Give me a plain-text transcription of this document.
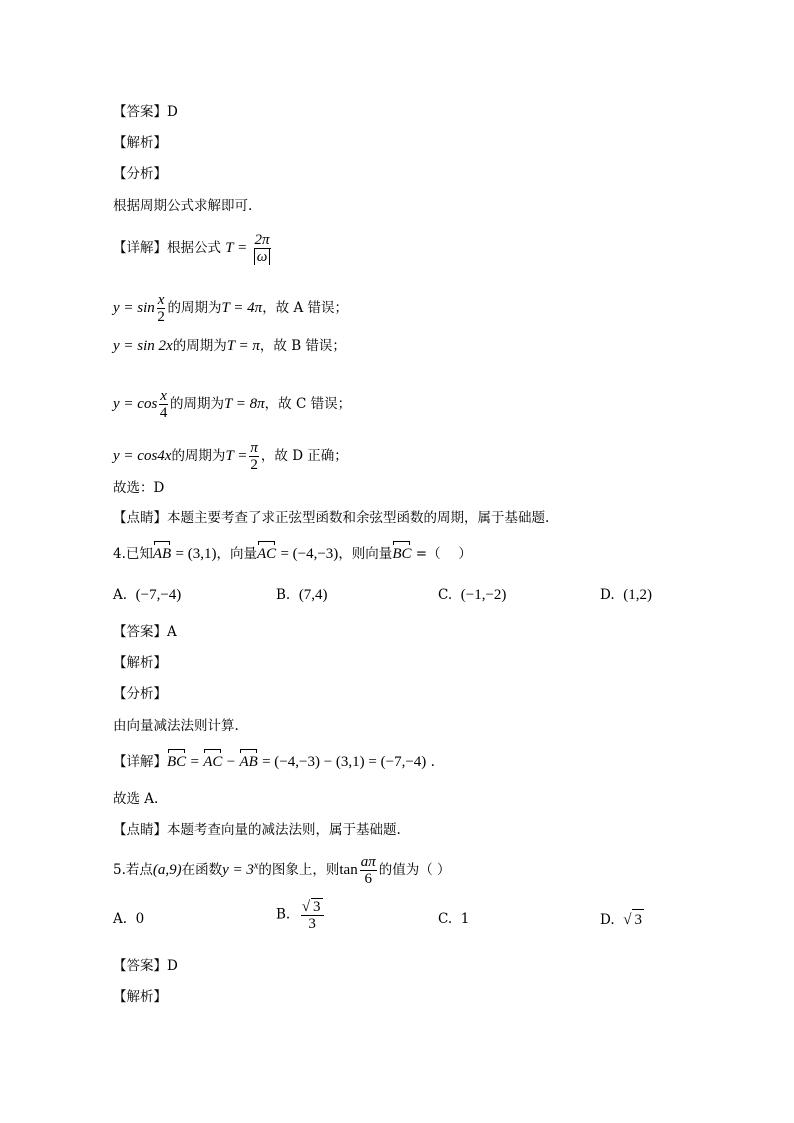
【答案】D
【解析】
【分析】
根据周期公式求解即可.
【详解】根据公式 $T = \frac{2\pi}{\omega}$
$y = \sin \frac{x}{2}$ 的周期为T = 4π，故 A 错误；
y = sin 2x的周期为T = π，故 B 错误；
$y = \cos \frac{x}{4}$ 的周期为T = 8π，故 C 错误；
y = cos4x的周期为$T = \frac{\pi}{2}$ ，故 D 正确；
故选：D
【点睛】本题主要考查了求正弦型函数和余弦型函数的周期，属于基础题.
4.已知AB = (3,1)，向量AC = (−4,−3)，则向量BC =（　 ）
A. (−7,−4)	B. (7,4)	C. (−1,−2)	D. (1,2)
【答案】A
【解析】
【分析】
由向量减法法则计算.
【详解】BC = AC − AB = (−4,−3) − (3,1) = (−7,−4) .
故选 A.
【点睛】本题考查向量的减法法则，属于基础题.
5.若点(a,9)在函数$y = 3^x$的图象上，则$\tan \frac{a\pi}{6}$ 的值为（ ）
A. 0	B. $\frac{√ 3}{3}$	C. 1	D. √ 3
【答案】D
【解析】
